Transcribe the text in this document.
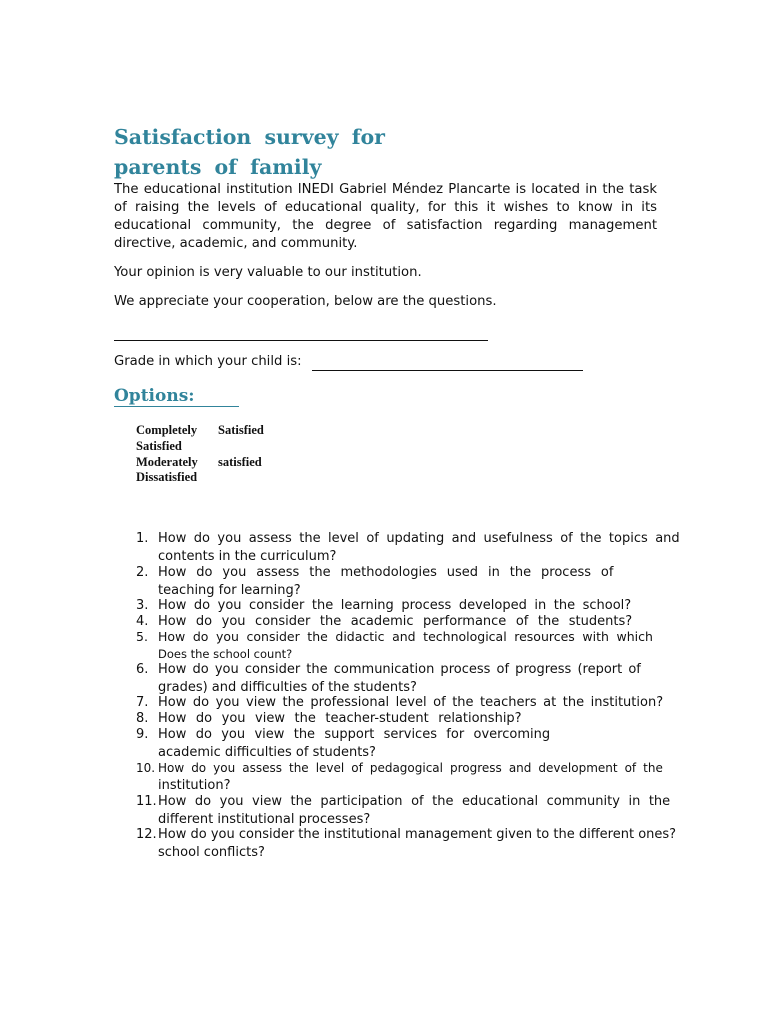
Satisfaction survey for parents of family

The educational institution INEDI Gabriel Méndez Plancarte is located in the task of raising the levels of educational quality, for this it wishes to know in its educational community, the degree of satisfaction regarding management directive, academic, and community.

Your opinion is very valuable to our institution.

We appreciate your cooperation, below are the questions.

Grade in which your child is:

Options:
Completely	Satisfied
Satisfied
Moderately	satisfied
Dissatisfied
1. How do you assess the level of updating and usefulness of the topics and
contents in the curriculum?
2. How do you assess the methodologies used in the process of
teaching for learning?
3. How do you consider the learning process developed in the school?
4. How do you consider the academic performance of the students?
5. How do you consider the didactic and technological resources with which
Does the school count?
6. How do you consider the communication process of progress (report of
grades) and difficulties of the students?
7. How do you view the professional level of the teachers at the institution?
8. How do you view the teacher-student relationship?
9. How do you view the support services for overcoming
academic difficulties of students?
10. How do you assess the level of pedagogical progress and development of the
institution?
11.How do you view the participation of the educational community in the
different institutional processes?
12.How do you consider the institutional management given to the different ones?
school conflicts?
